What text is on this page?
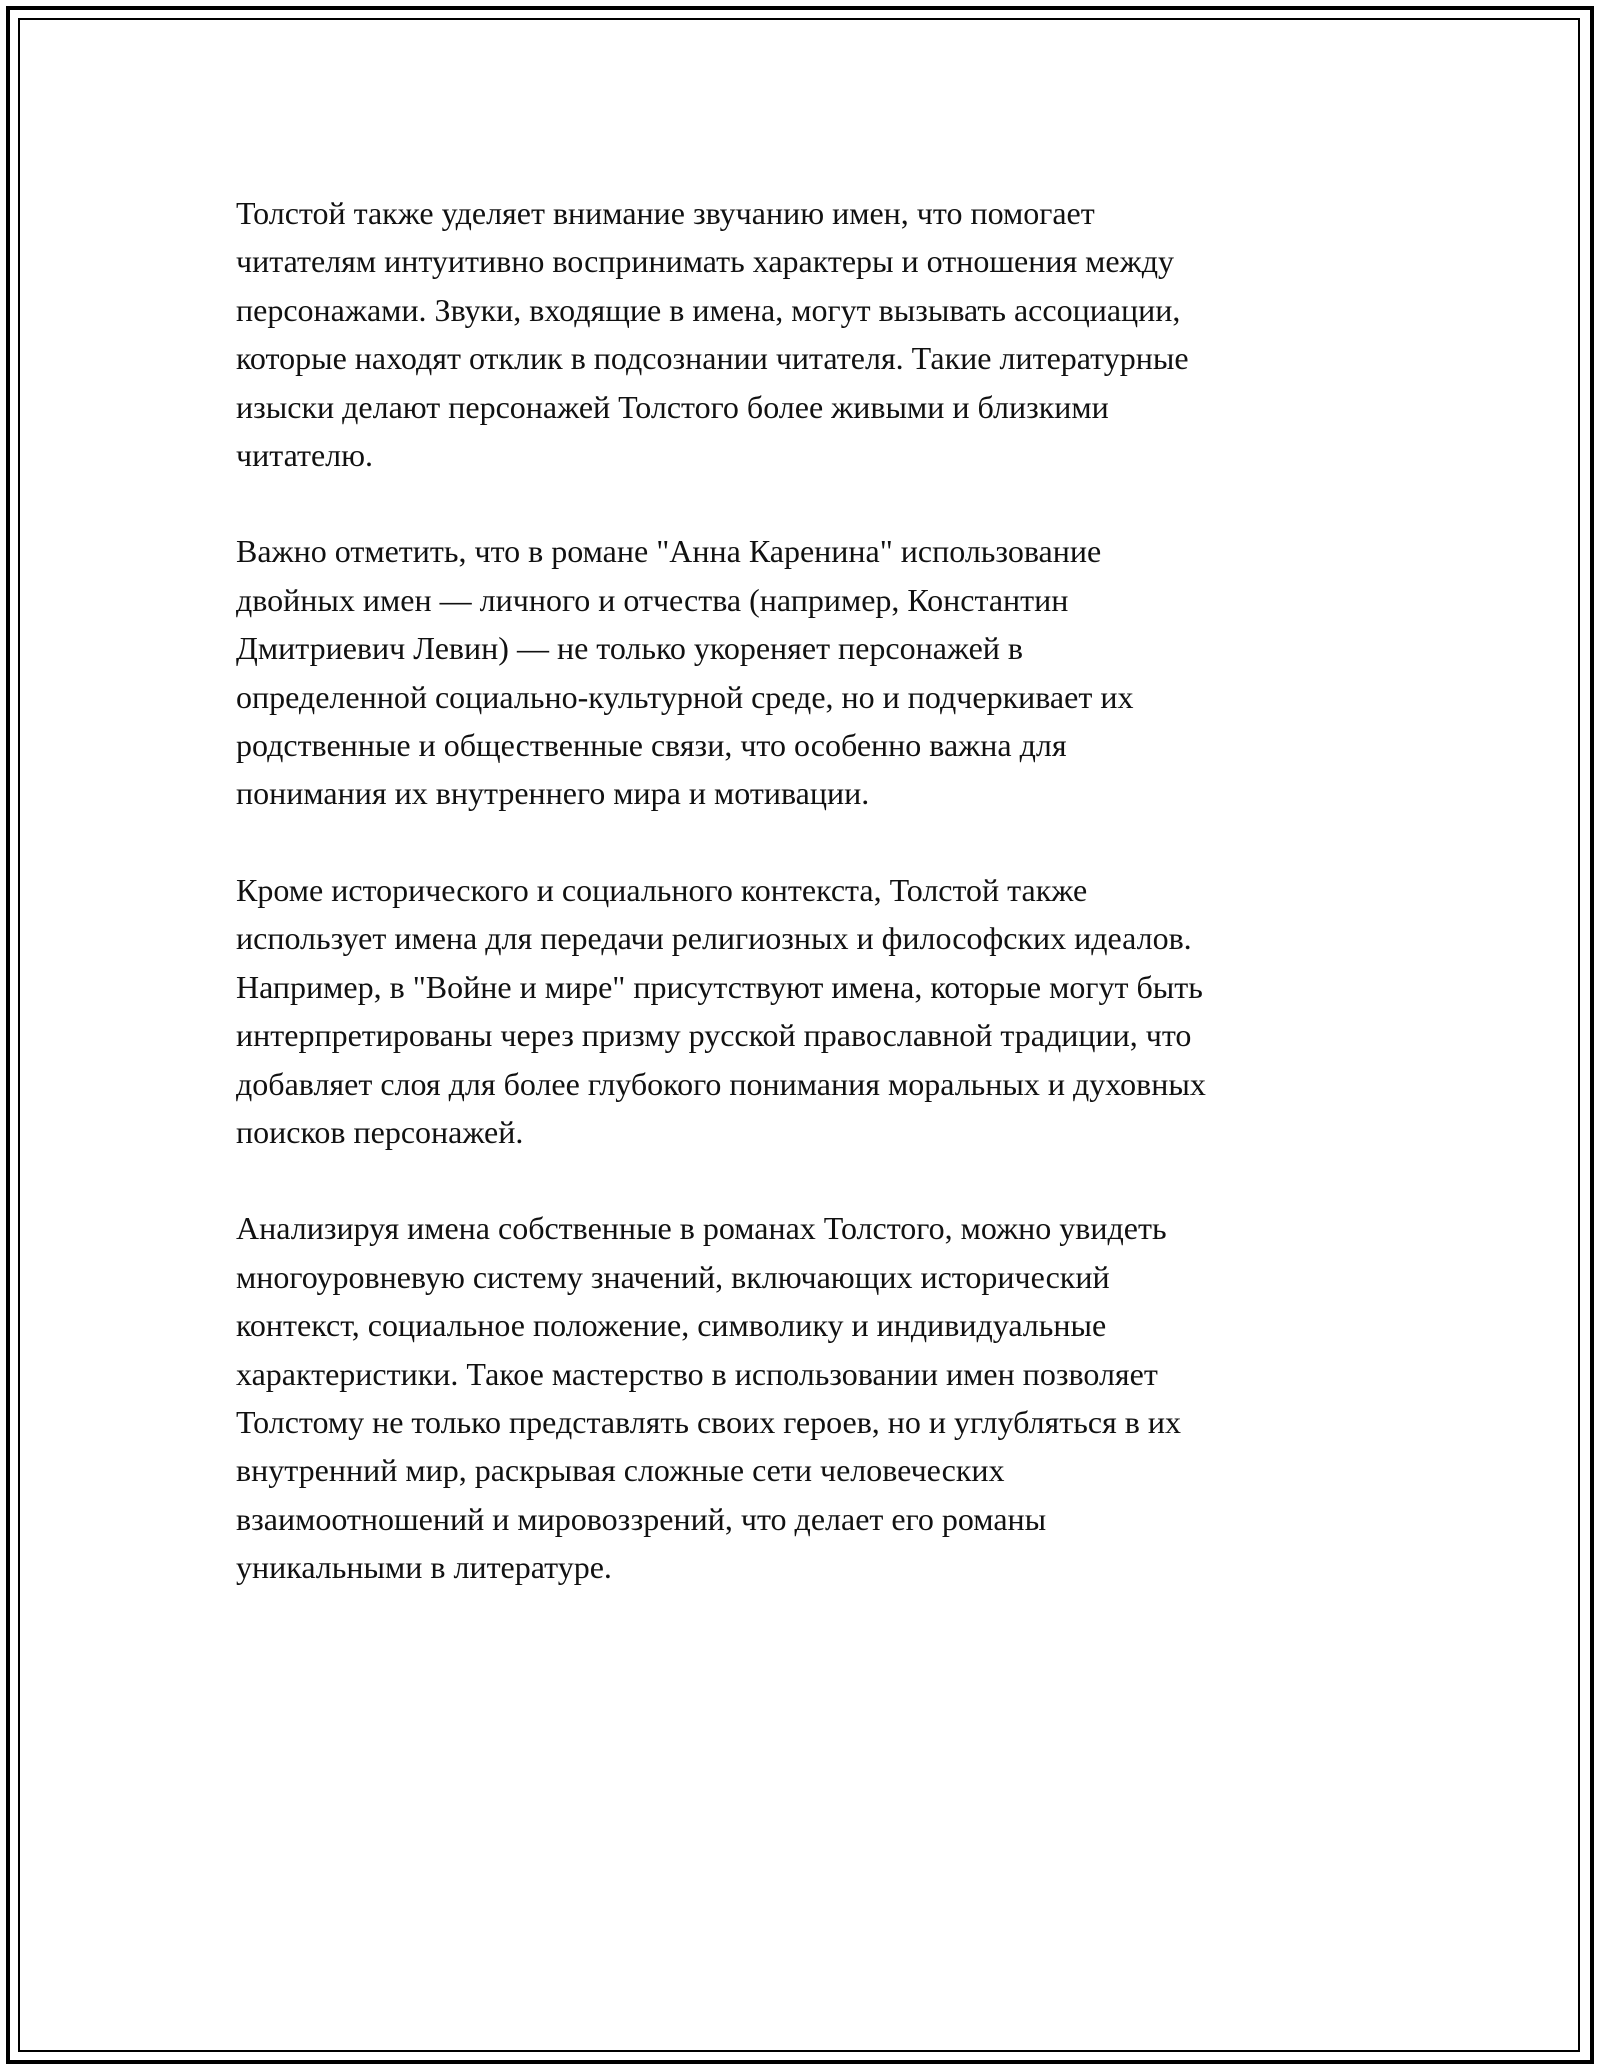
Толстой также уделяет внимание звучанию имен, что помогает
читателям интуитивно воспринимать характеры и отношения между
персонажами. Звуки, входящие в имена, могут вызывать ассоциации,
которые находят отклик в подсознании читателя. Такие литературные
изыски делают персонажей Толстого более живыми и близкими
читателю.

Важно отметить, что в романе "Анна Каренина" использование
двойных имен — личного и отчества (например, Константин
Дмитриевич Левин) — не только укореняет персонажей в
определенной социально-культурной среде, но и подчеркивает их
родственные и общественные связи, что особенно важна для
понимания их внутреннего мира и мотивации.

Кроме исторического и социального контекста, Толстой также
использует имена для передачи религиозных и философских идеалов.
Например, в "Войне и мире" присутствуют имена, которые могут быть
интерпретированы через призму русской православной традиции, что
добавляет слоя для более глубокого понимания моральных и духовных
поисков персонажей.

Анализируя имена собственные в романах Толстого, можно увидеть
многоуровневую систему значений, включающих исторический
контекст, социальное положение, символику и индивидуальные
характеристики. Такое мастерство в использовании имен позволяет
Толстому не только представлять своих героев, но и углубляться в их
внутренний мир, раскрывая сложные сети человеческих
взаимоотношений и мировоззрений, что делает его романы
уникальными в литературе.
